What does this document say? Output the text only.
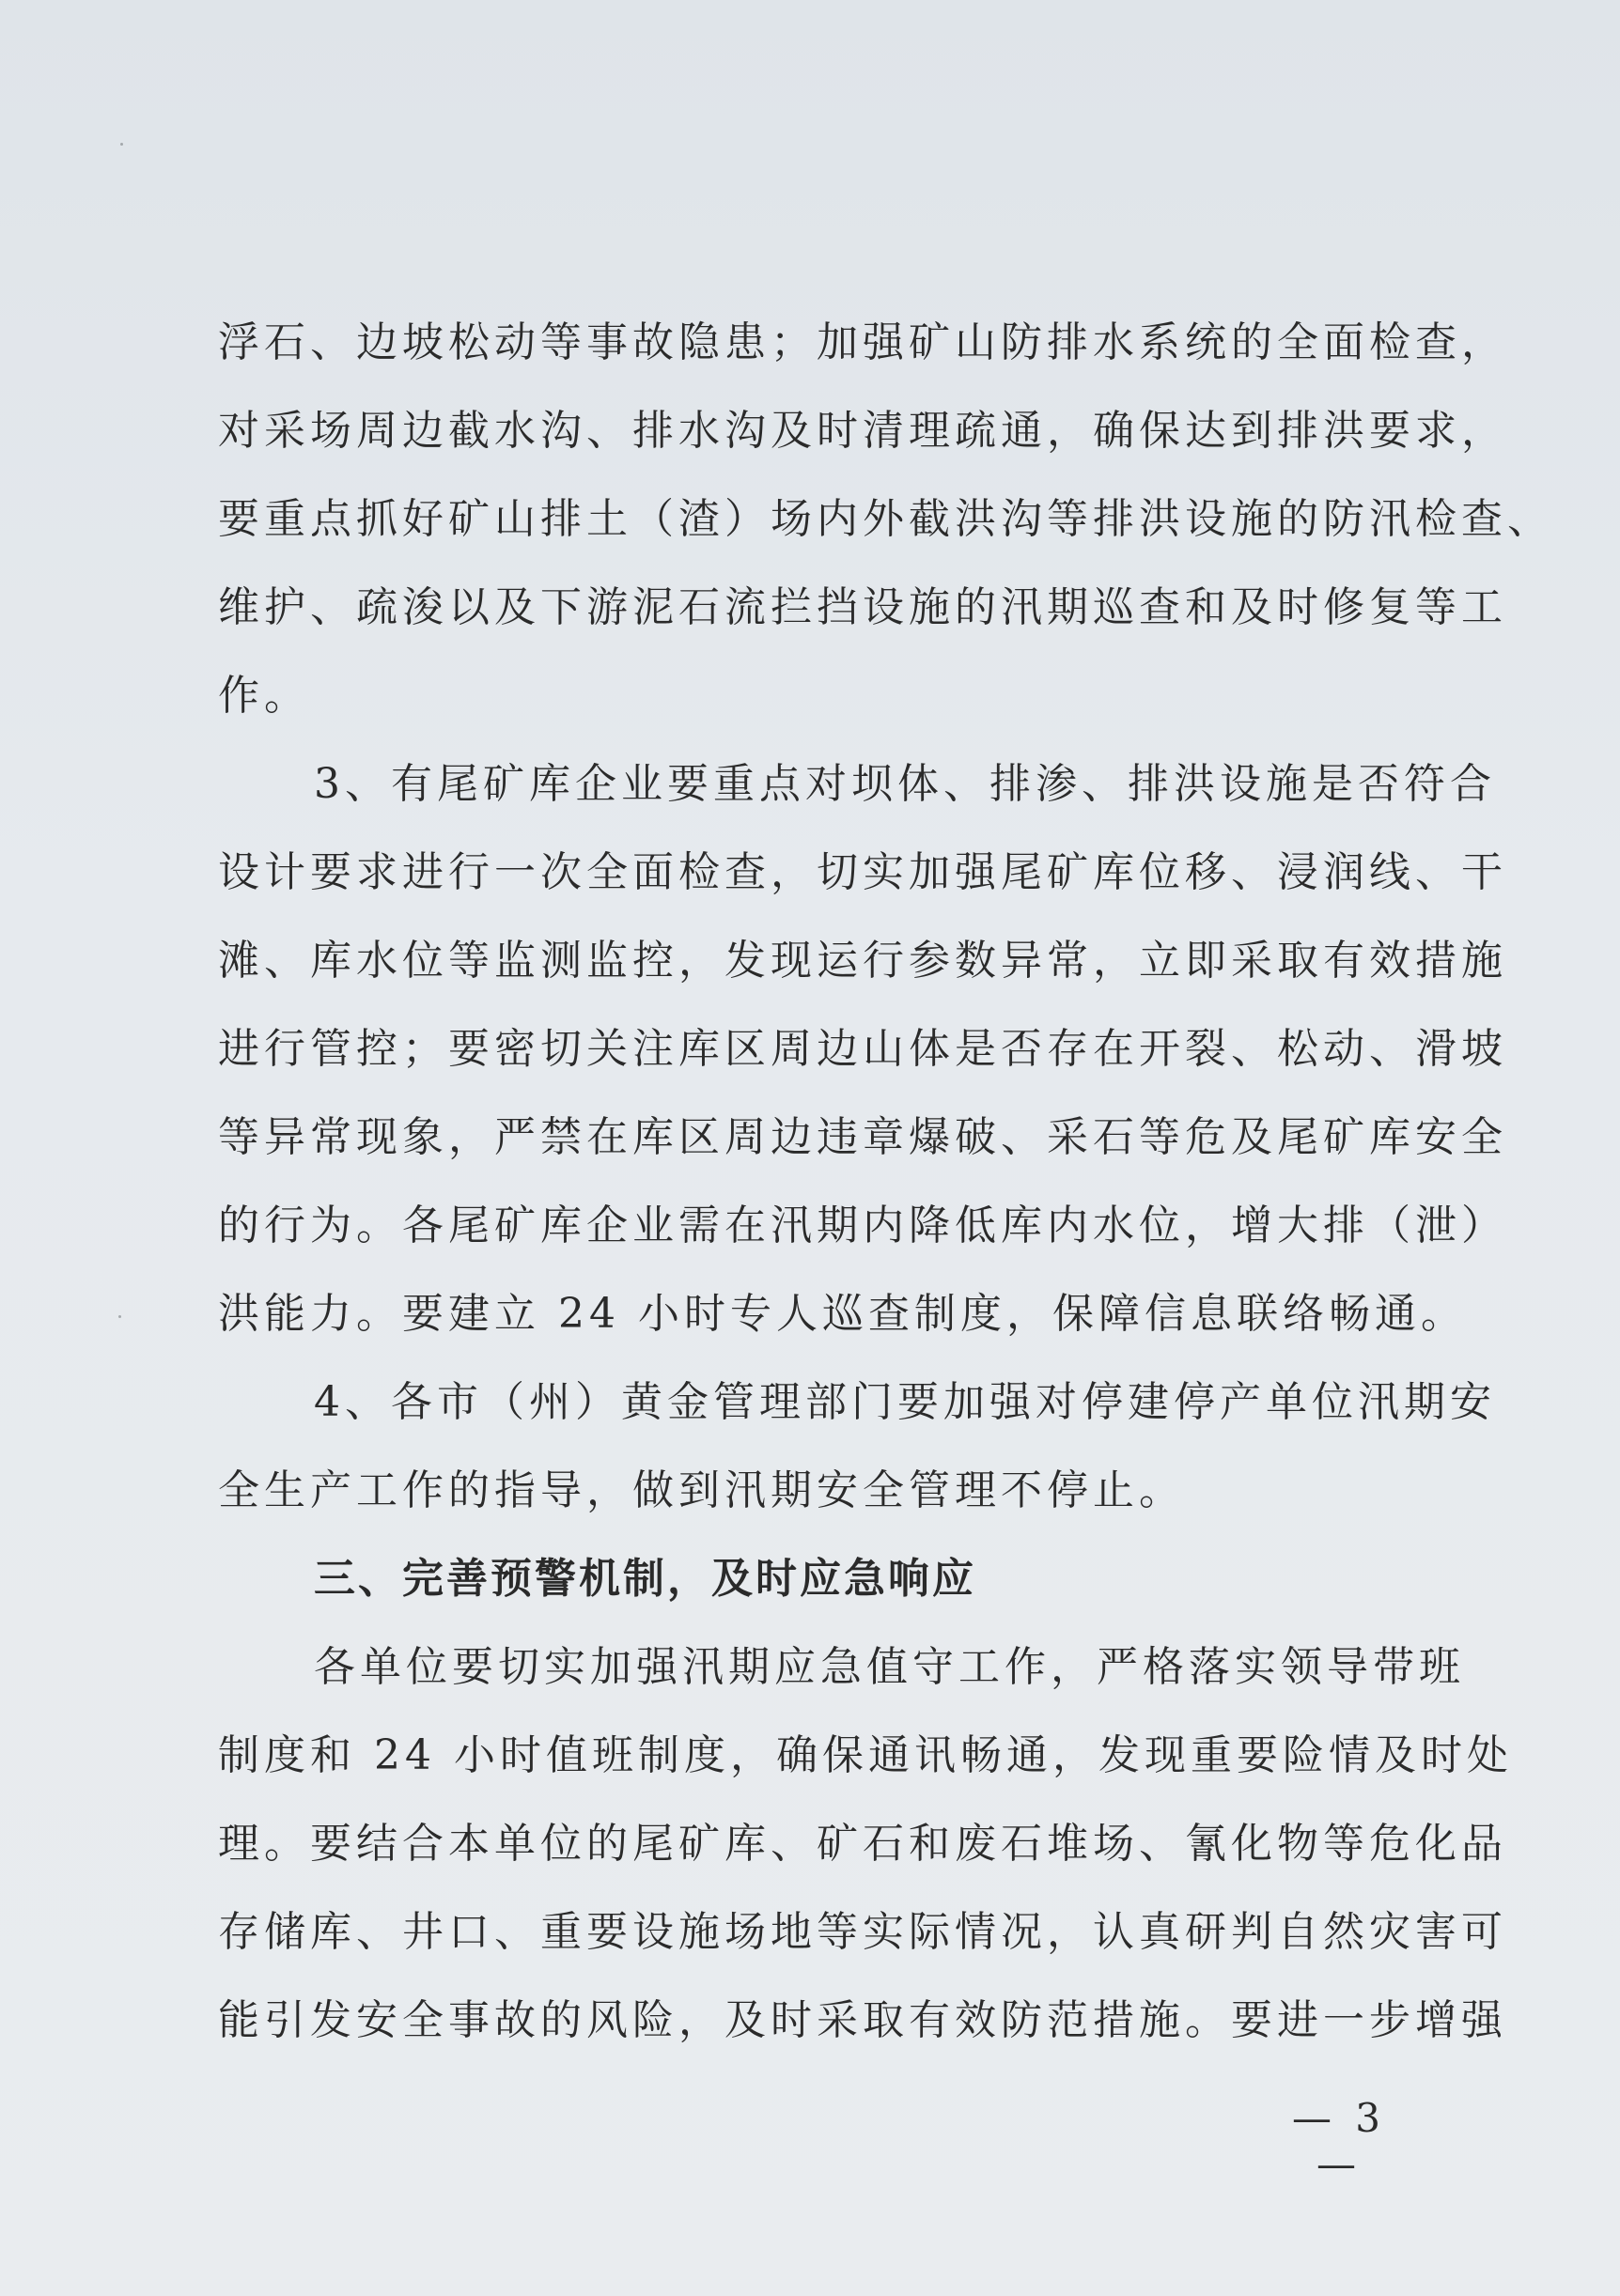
浮石、边坡松动等事故隐患；加强矿山防排水系统的全面检查，
对采场周边截水沟、排水沟及时清理疏通，确保达到排洪要求，
要重点抓好矿山排土（渣）场内外截洪沟等排洪设施的防汛检查、
维护、疏浚以及下游泥石流拦挡设施的汛期巡查和及时修复等工
作。
3、有尾矿库企业要重点对坝体、排渗、排洪设施是否符合
设计要求进行一次全面检查，切实加强尾矿库位移、浸润线、干
滩、库水位等监测监控，发现运行参数异常，立即采取有效措施
进行管控；要密切关注库区周边山体是否存在开裂、松动、滑坡
等异常现象，严禁在库区周边违章爆破、采石等危及尾矿库安全
的行为。各尾矿库企业需在汛期内降低库内水位，增大排（泄）
洪能力。要建立 24 小时专人巡查制度，保障信息联络畅通。
4、各市（州）黄金管理部门要加强对停建停产单位汛期安
全生产工作的指导，做到汛期安全管理不停止。
三、完善预警机制，及时应急响应
各单位要切实加强汛期应急值守工作，严格落实领导带班
制度和 24 小时值班制度，确保通讯畅通，发现重要险情及时处
理。要结合本单位的尾矿库、矿石和废石堆场、氰化物等危化品
存储库、井口、重要设施场地等实际情况，认真研判自然灾害可
能引发安全事故的风险，及时采取有效防范措施。要进一步增强
— 3 —
